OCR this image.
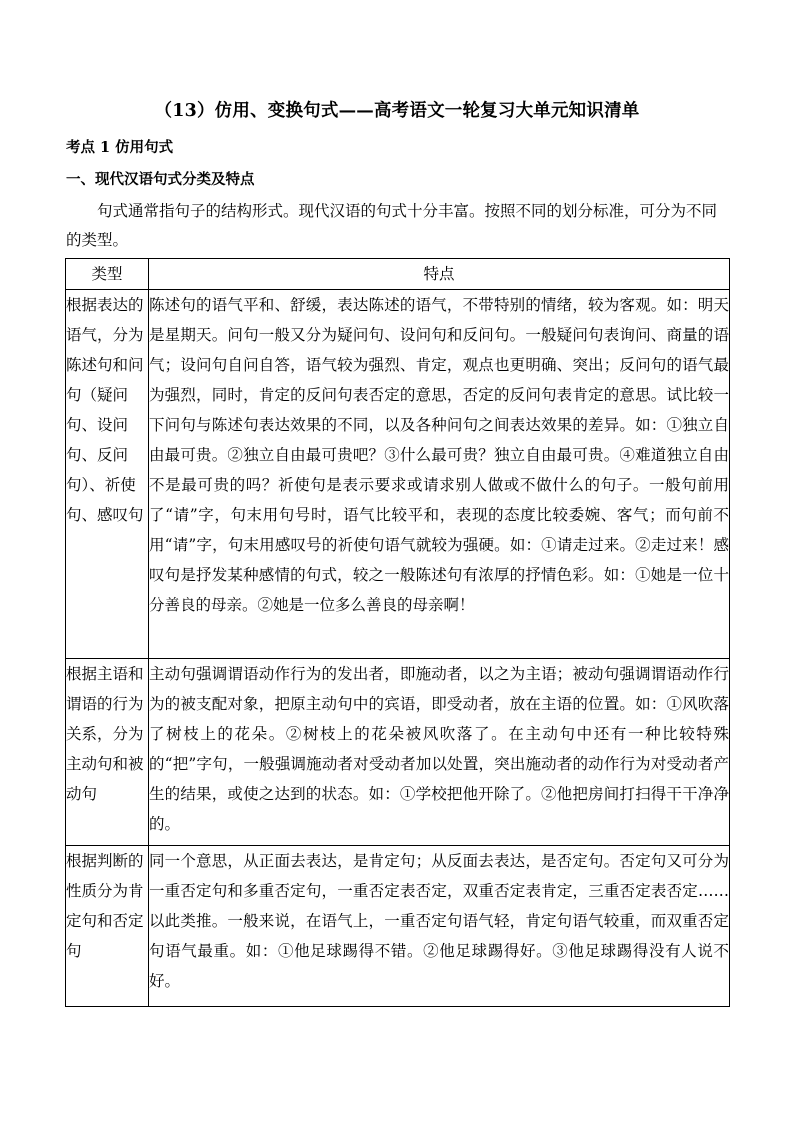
（13）仿用、变换句式——高考语文一轮复习大单元知识清单
考点 1 仿用句式
一、现代汉语句式分类及特点
句式通常指句子的结构形式。现代汉语的句式十分丰富。按照不同的划分标准，可分为不同的类型。
类型	特点
根据表达的语气，分为陈述句和问句（疑问句、设问句、反问句）、祈使句、感叹句	陈述句的语气平和、舒缓，表达陈述的语气，不带特别的情绪，较为客观。如：明天是星期天。问句一般又分为疑问句、设问句和反问句。一般疑问句表询问、商量的语气；设问句自问自答，语气较为强烈、肯定，观点也更明确、突出；反问句的语气最为强烈，同时，肯定的反问句表否定的意思，否定的反问句表肯定的意思。试比较一下问句与陈述句表达效果的不同，以及各种问句之间表达效果的差异。如：①独立自由最可贵。②独立自由最可贵吧？③什么最可贵？独立自由最可贵。④难道独立自由不是最可贵的吗？祈使句是表示要求或请求别人做或不做什么的句子。一般句前用了“请”字，句末用句号时，语气比较平和，表现的态度比较委婉、客气；而句前不用“请”字，句末用感叹号的祈使句语气就较为强硬。如：①请走过来。②走过来！感叹句是抒发某种感情的句式，较之一般陈述句有浓厚的抒情色彩。如：①她是一位十分善良的母亲。②她是一位多么善良的母亲啊！
根据主语和谓语的行为关系，分为主动句和被动句	主动句强调谓语动作行为的发出者，即施动者，以之为主语；被动句强调谓语动作行为的被支配对象，把原主动句中的宾语，即受动者，放在主语的位置。如：①风吹落了树枝上的花朵。②树枝上的花朵被风吹落了。在主动句中还有一种比较特殊的“把”字句，一般强调施动者对受动者加以处置，突出施动者的动作行为对受动者产生的结果，或使之达到的状态。如：①学校把他开除了。②他把房间打扫得干干净净的。
根据判断的性质分为肯定句和否定句	同一个意思，从正面去表达，是肯定句；从反面去表达，是否定句。否定句又可分为一重否定句和多重否定句，一重否定表否定，双重否定表肯定，三重否定表否定……以此类推。一般来说，在语气上，一重否定句语气轻，肯定句语气较重，而双重否定句语气最重。如：①他足球踢得不错。②他足球踢得好。③他足球踢得没有人说不好。
